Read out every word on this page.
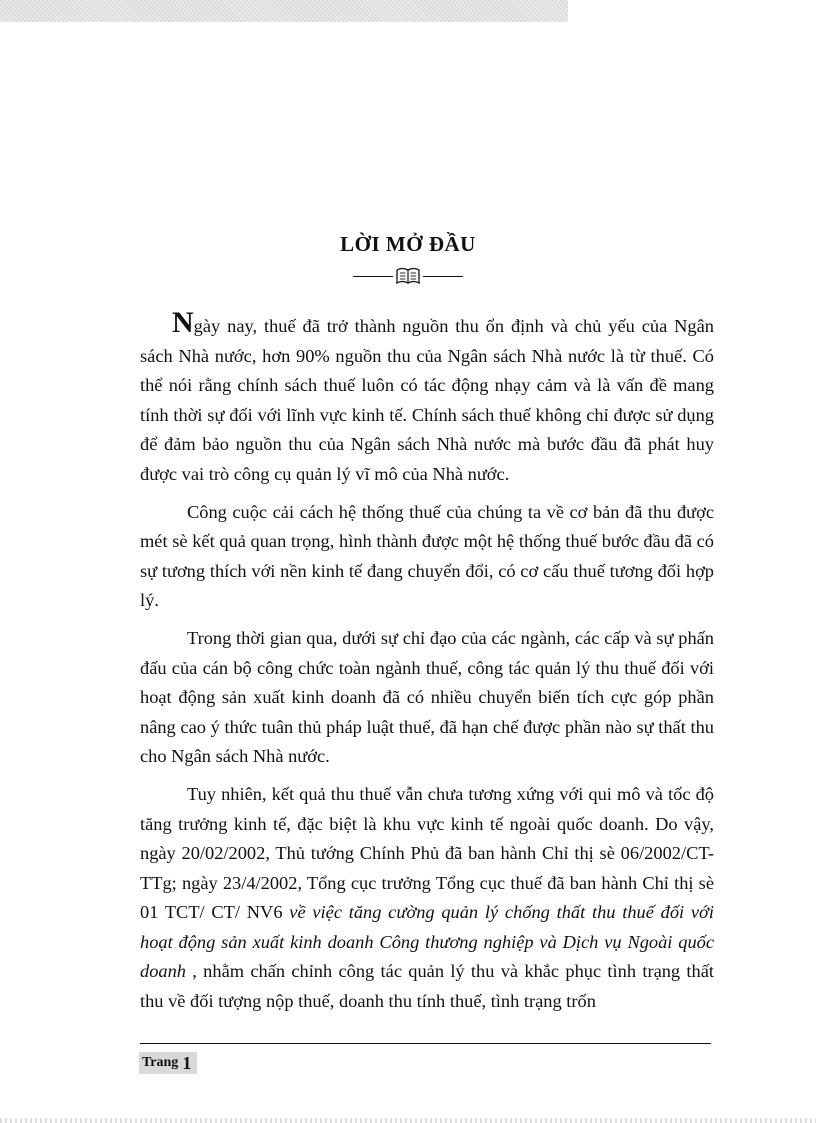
LỜI MỞ ĐẦU

Ngày nay, thuế đã trở thành nguồn thu ổn định và chủ yếu của Ngân sách Nhà nước, hơn 90% nguồn thu của Ngân sách Nhà nước là từ thuế. Có thể nói rằng chính sách thuế luôn có tác động nhạy cảm và là vấn đề mang tính thời sự đối với lĩnh vực kinh tế. Chính sách thuế không chỉ được sử dụng để đảm bảo nguồn thu của Ngân sách Nhà nước mà bước đầu đã phát huy được vai trò công cụ quản lý vĩ mô của Nhà nước.

Công cuộc cải cách hệ thống thuế của chúng ta về cơ bản đã thu được mét sè kết quả quan trọng, hình thành được một hệ thống thuế bước đầu đã có sự tương thích với nền kinh tế đang chuyển đổi, có cơ cấu thuế tương đối hợp lý.

Trong thời gian qua, dưới sự chỉ đạo của các ngành, các cấp và sự phấn đấu của cán bộ công chức toàn ngành thuế, công tác quản lý thu thuế đối với hoạt động sản xuất kinh doanh đã có nhiều chuyển biến tích cực góp phần nâng cao ý thức tuân thủ pháp luật thuế, đã hạn chế được phần nào sự thất thu cho Ngân sách Nhà nước.

Tuy nhiên, kết quả thu thuế vẫn chưa tương xứng với qui mô và tốc độ tăng trưởng kinh tế, đặc biệt là khu vực kinh tế ngoài quốc doanh. Do vậy, ngày 20/02/2002, Thủ tướng Chính Phủ đã ban hành Chỉ thị sè 06/2002/CT-TTg; ngày 23/4/2002, Tổng cục trưởng Tổng cục thuế đã ban hành Chỉ thị sè 01 TCT/ CT/ NV6 về việc tăng cường quản lý chống thất thu thuế đối với hoạt động sản xuất kinh doanh Công thương nghiệp và Dịch vụ Ngoài quốc doanh , nhằm chấn chỉnh công tác quản lý thu và khắc phục tình trạng thất thu về đối tượng nộp thuế, doanh thu tính thuế, tình trạng trốn

Trang 1
